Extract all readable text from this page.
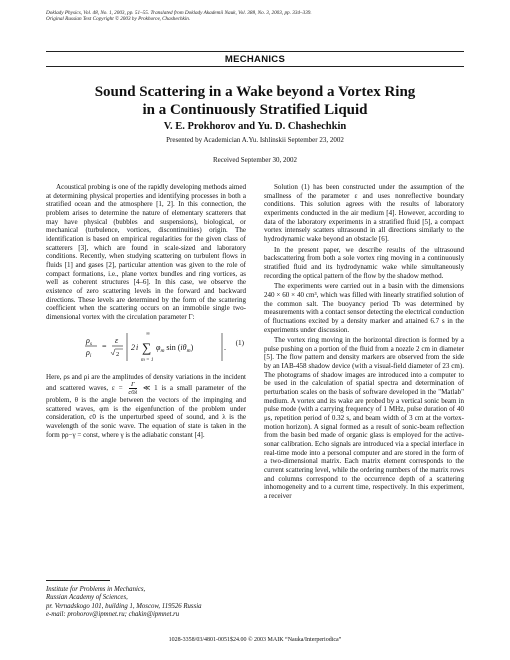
Doklady Physics, Vol. 48, No. 1, 2003, pp. 51–55. Translated from Doklady Akademii Nauk, Vol. 388, No. 3, 2003, pp. 334–339.
Original Russian Text Copyright © 2003 by Prokhorov, Chashechkin.
MECHANICS
Sound Scattering in a Wake beyond a Vortex Ring
in a Continuously Stratified Liquid
V. E. Prokhorov and Yu. D. Chashechkin
Presented by Academician A.Yu. Ishlinskii September 23, 2002
Received September 30, 2002

Acoustical probing is one of the rapidly developing methods aimed at determining physical properties and identifying processes in both a stratified ocean and the atmosphere [1, 2]. In this connection, the problem arises to determine the nature of elementary scatterers that may have physical (bubbles and suspensions), biological, or mechanical (turbulence, vortices, discontinuities) origin. The identification is based on empirical regularities for the given class of scatterers [3], which are found in scale-sized and laboratory conditions. Recently, when studying scattering on turbulent flows in fluids [1] and gases [2], particular attention was given to the role of compact formations, i.e., plane vortex bundles and ring vortices, as well as coherent structures [4–6]. In this case, we observe the existence of zero scattering levels in the forward and backward directions. These levels are determined by the form of the scattering coefficient when the scattering occurs on an immobile single two-dimensional vortex with the circulation parameter Γ:

$\rho_s$
$\rho_i$
=
ε
2
2 i
∞
∑
m = 1
$\varphi_m$ $\sin (i\theta_m)$	. (1)

Here, ρs and ρi are the amplitudes of density variations in the incident and scattered waves, $\varepsilon = \frac{\Gamma}{c0\lambda}$ ≪ 1 is a small parameter of the problem, θ is the angle between the vectors of the impinging and scattered waves, φm is the eigenfunction of the problem under consideration, c0 is the unperturbed speed of sound, and λ is the wavelength of the sonic wave. The equation of state is taken in the form pρ−γ = const, where γ is the adiabatic constant [4].

Solution (1) has been constructed under the assumption of the smallness of the parameter ε and uses nonreflective boundary conditions. This solution agrees with the results of laboratory experiments conducted in the air medium [4]. However, according to data of the laboratory experiments in a stratified fluid [5], a compact vortex intensely scatters ultrasound in all directions similarly to the hydrodynamic wake beyond an obstacle [6].

In the present paper, we describe results of the ultrasound backscattering from both a sole vortex ring moving in a continuously stratified fluid and its hydrodynamic wake while simultaneously recording the optical pattern of the flow by the shadow method.

The experiments were carried out in a basin with the dimensions 240 × 60 × 40 cm³, which was filled with linearly stratified solution of the common salt. The buoyancy period Tb was determined by measurements with a contact sensor detecting the electrical conduction of fluctuations excited by a density marker and attained 6.7 s in the experiments under discussion.

The vortex ring moving in the horizontal direction is formed by a pulse pushing on a portion of the fluid from a nozzle 2 cm in diameter [5]. The flow pattern and density markers are observed from the side by an IAB-458 shadow device (with a visual-field diameter of 23 cm). The photograms of shadow images are introduced into a computer to be used in the calculation of spatial spectra and determination of perturbation scales on the basis of software developed in the "Matlab" medium. A vortex and its wake are probed by a vertical sonic beam in pulse mode (with a carrying frequency of 1 MHz, pulse duration of 40 μs, repetition period of 0.32 s, and beam width of 3 cm at the vortex-motion horizon). A signal formed as a result of sonic-beam reflection from the basin bed made of organic glass is employed for the active-sonar calibration. Echo signals are introduced via a special interface in real-time mode into a personal computer and are stored in the form of a two-dimensional matrix. Each matrix element corresponds to the current scattering level, while the ordering numbers of the matrix rows and columns correspond to the occurrence depth of a scattering inhomogeneity and to a current time, respectively. In this experiment, a receiver

Institute for Problems in Mechanics,
Russian Academy of Sciences,
pr. Vernadskogo 101, building 1, Moscow, 119526 Russia
e-mail: prohorov@ipmnet.ru; chakin@ipmnet.ru
1028-3358/03/4801-0051$24.00 © 2003 MAIK “Nauka/Interperiodica”
